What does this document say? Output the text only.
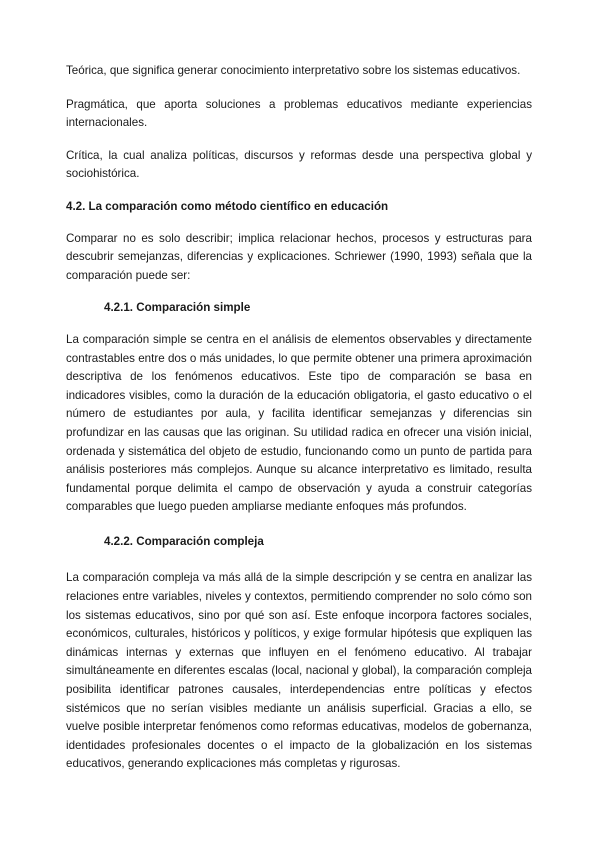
Teórica, que significa generar conocimiento interpretativo sobre los sistemas educativos.

Pragmática, que aporta soluciones a problemas educativos mediante experiencias internacionales.

Crítica, la cual analiza políticas, discursos y reformas desde una perspectiva global y sociohistórica.

4.2. La comparación como método científico en educación

Comparar no es solo describir; implica relacionar hechos, procesos y estructuras para descubrir semejanzas, diferencias y explicaciones. Schriewer (1990, 1993) señala que la comparación puede ser:

4.2.1. Comparación simple

La comparación simple se centra en el análisis de elementos observables y directamente contrastables entre dos o más unidades, lo que permite obtener una primera aproximación descriptiva de los fenómenos educativos. Este tipo de comparación se basa en indicadores visibles, como la duración de la educación obligatoria, el gasto educativo o el número de estudiantes por aula, y facilita identificar semejanzas y diferencias sin profundizar en las causas que las originan. Su utilidad radica en ofrecer una visión inicial, ordenada y sistemática del objeto de estudio, funcionando como un punto de partida para análisis posteriores más complejos. Aunque su alcance interpretativo es limitado, resulta fundamental porque delimita el campo de observación y ayuda a construir categorías comparables que luego pueden ampliarse mediante enfoques más profundos.

4.2.2. Comparación compleja

La comparación compleja va más allá de la simple descripción y se centra en analizar las relaciones entre variables, niveles y contextos, permitiendo comprender no solo cómo son los sistemas educativos, sino por qué son así. Este enfoque incorpora factores sociales, económicos, culturales, históricos y políticos, y exige formular hipótesis que expliquen las dinámicas internas y externas que influyen en el fenómeno educativo. Al trabajar simultáneamente en diferentes escalas (local, nacional y global), la comparación compleja posibilita identificar patrones causales, interdependencias entre políticas y efectos sistémicos que no serían visibles mediante un análisis superficial. Gracias a ello, se vuelve posible interpretar fenómenos como reformas educativas, modelos de gobernanza, identidades profesionales docentes o el impacto de la globalización en los sistemas educativos, generando explicaciones más completas y rigurosas.
